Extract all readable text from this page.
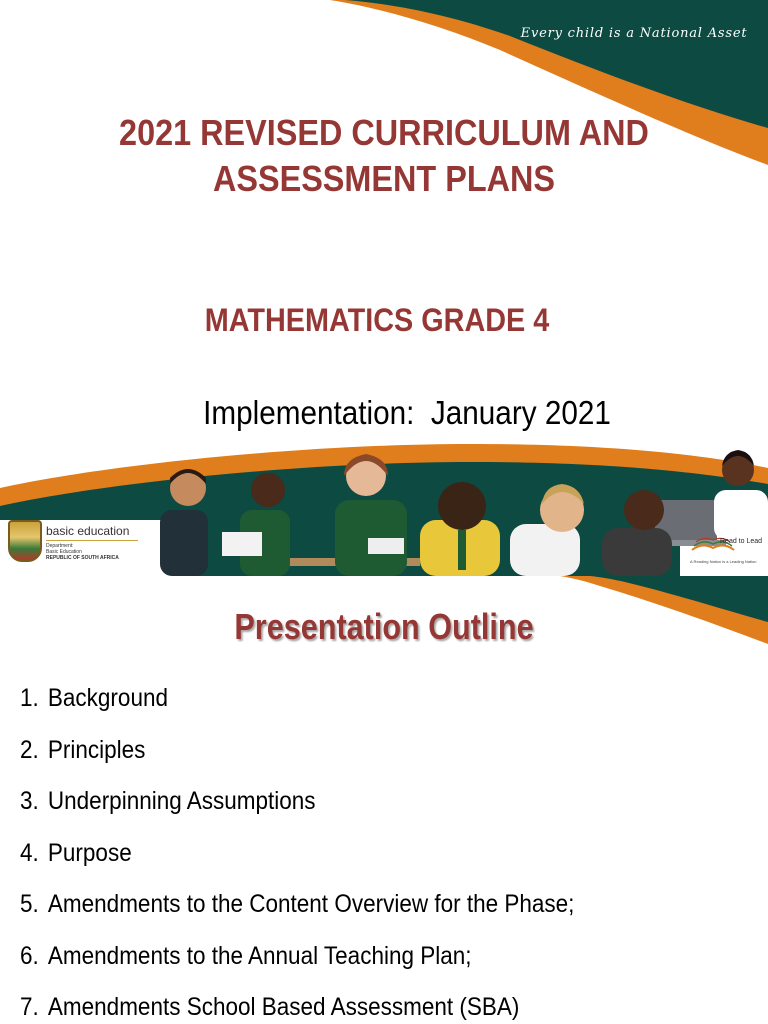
Every child is a National Asset
2021 REVISED CURRICULUM AND
ASSESSMENT PLANS
MATHEMATICS GRADE 4
Implementation:  January 2021
basic education
Department:
Basic Education
REPUBLIC OF SOUTH AFRICA
Read to Lead
A Reading Nation is a Leading Nation
Presentation Outline
1. Background
2. Principles
3. Underpinning Assumptions
4. Purpose
5. Amendments to the Content Overview for the Phase;
6. Amendments to the Annual Teaching Plan;
7. Amendments School Based Assessment (SBA)
